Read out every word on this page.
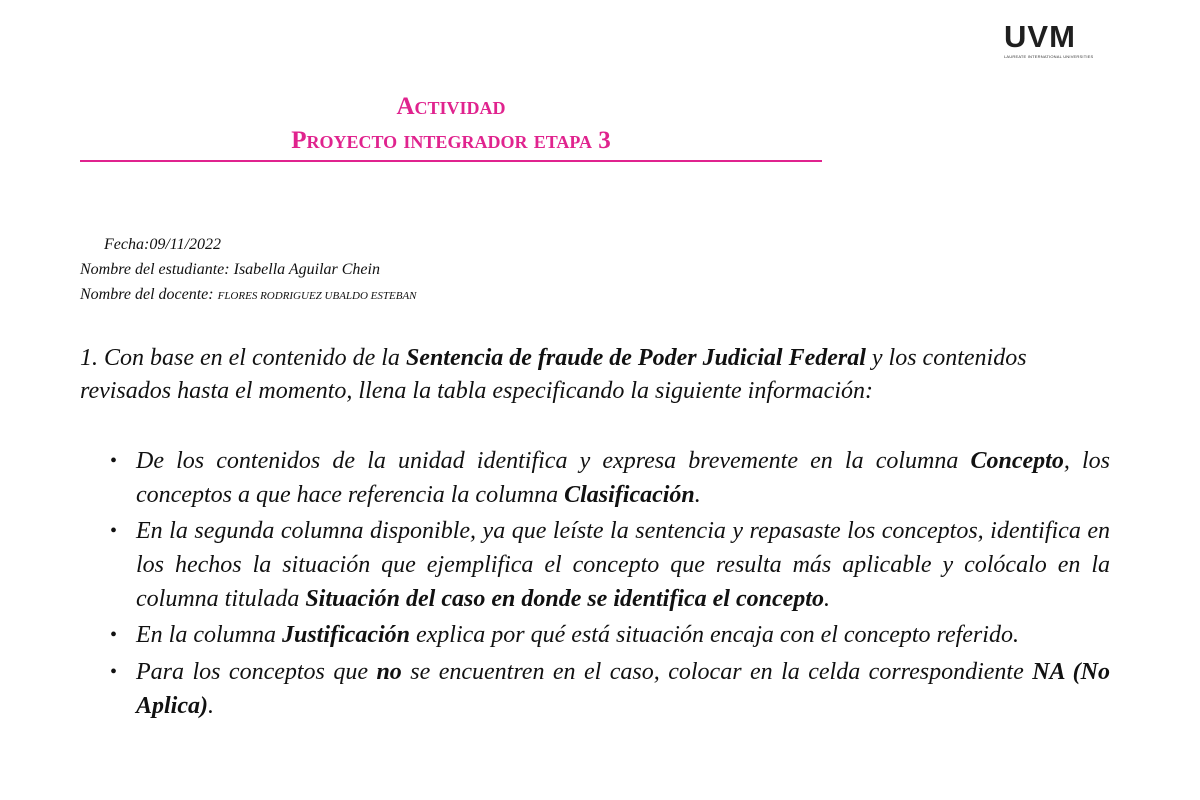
UVM
LAUREATE INTERNATIONAL UNIVERSITIES
Actividad
Proyecto integrador etapa 3
Fecha:09/11/2022
Nombre del estudiante: Isabella Aguilar Chein
Nombre del docente: FLORES RODRIGUEZ UBALDO ESTEBAN

1. Con base en el contenido de la Sentencia de fraude de Poder Judicial Federal y los contenidos revisados hasta el momento, llena la tabla especificando la siguiente información:

• De los contenidos de la unidad identifica y expresa brevemente en la columna Concepto, los conceptos a que hace referencia la columna Clasificación.
• En la segunda columna disponible, ya que leíste la sentencia y repasaste los conceptos, identifica en los hechos la situación que ejemplifica el concepto que resulta más aplicable y colócalo en la columna titulada Situación del caso en donde se identifica el concepto.
• En la columna Justificación explica por qué está situación encaja con el concepto referido.
• Para los conceptos que no se encuentren en el caso, colocar en la celda correspondiente NA (No Aplica).
